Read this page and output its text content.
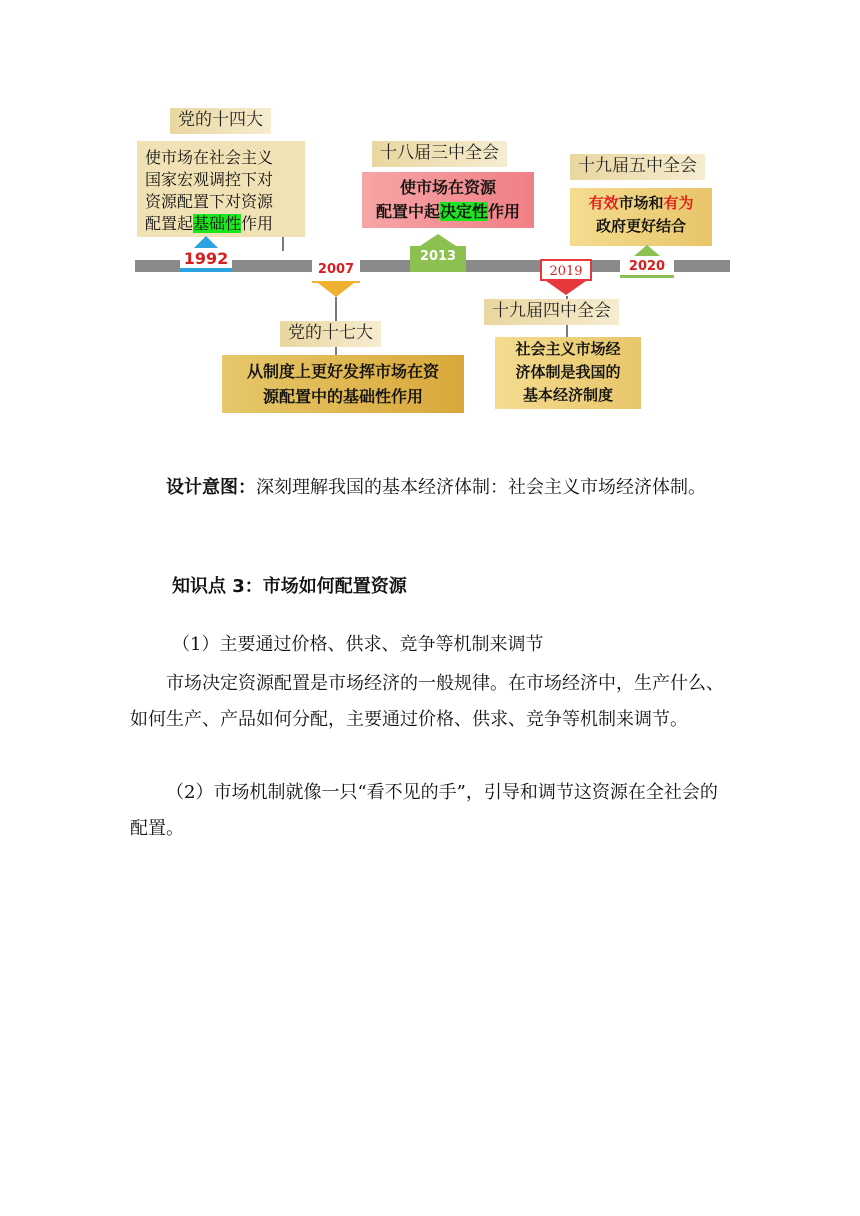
党的十四大
使市场在社会主义
国家宏观调控下对
资源配置下对资源
配置起基础性作用
1992
2007
党的十七大
从制度上更好发挥市场在资
源配置中的基础性作用
十八届三中全会
使市场在资源
配置中起决定性作用
2013
2019
十九届四中全会
社会主义市场经
济体制是我国的
基本经济制度
十九届五中全会
有效市场和有为
政府更好结合
2020
设计意图：深刻理解我国的基本经济体制：社会主义市场经济体制。
知识点 3：市场如何配置资源
（1）主要通过价格、供求、竞争等机制来调节
市场决定资源配置是市场经济的一般规律。在市场经济中，生产什么、如何生产、产品如何分配，主要通过价格、供求、竞争等机制来调节。
（2）市场机制就像一只“看不见的手”，引导和调节这资源在全社会的配置。
